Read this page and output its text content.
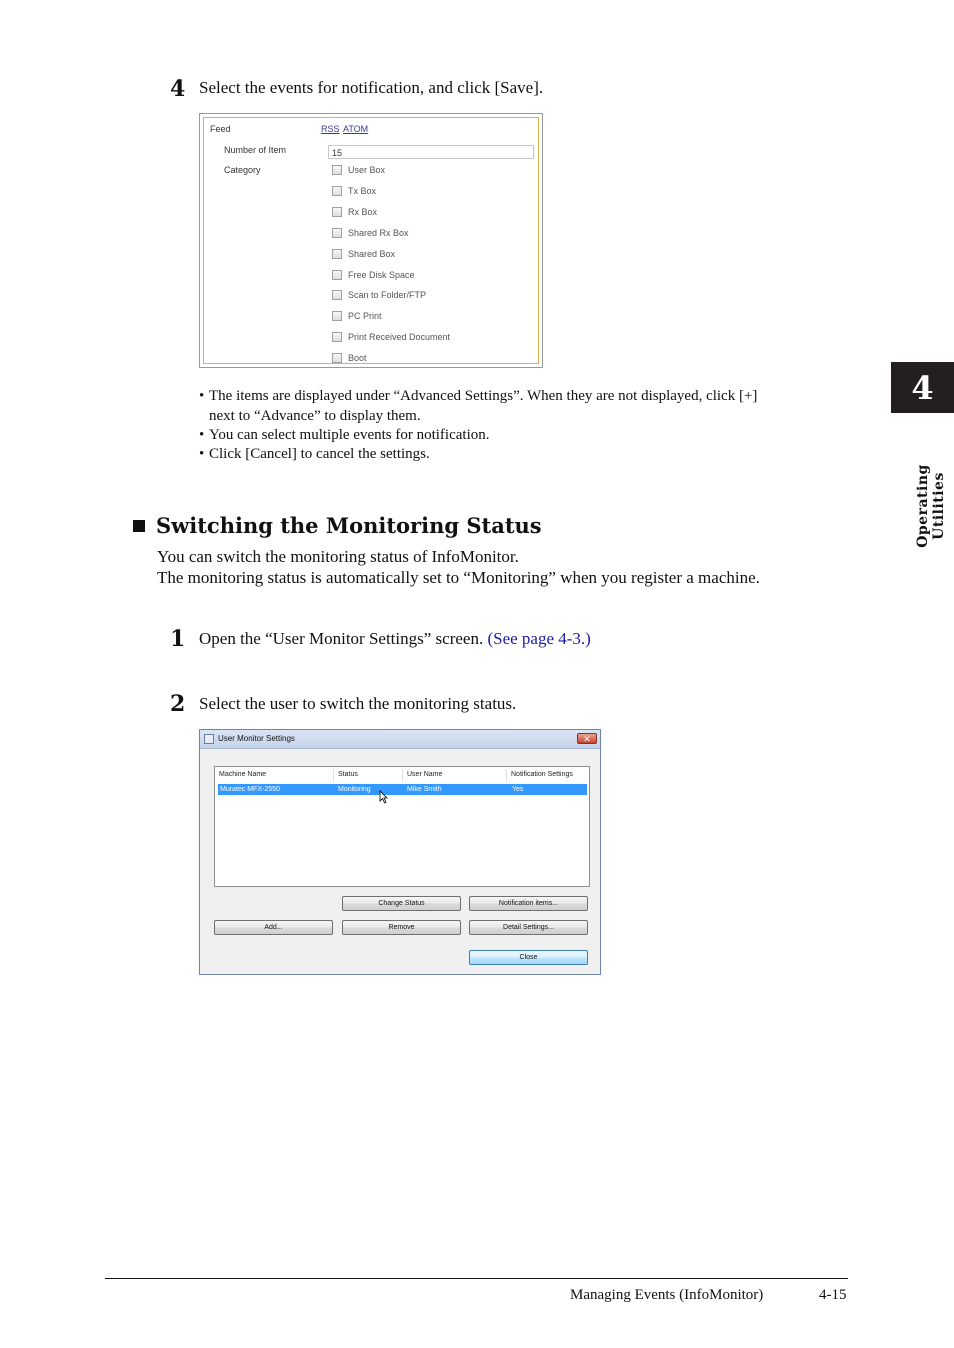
4 Select the events for notification, and click [Save].
Feed	RSS ATOM
Number of Item	15
Category	User Box
Tx Box
Rx Box
Shared Rx Box
Shared Box
Free Disk Space
Scan to Folder/FTP
PC Print
Print Received Document
Boot
• The items are displayed under “Advanced Settings”. When they are not displayed, click [+]
next to “Advance” to display them.
• You can select multiple events for notification.
• Click [Cancel] to cancel the settings.
4
Operating Utilities
Switching the Monitoring Status
You can switch the monitoring status of InfoMonitor.
The monitoring status is automatically set to “Monitoring” when you register a machine.
1 Open the “User Monitor Settings” screen. (See page 4-3.)
2 Select the user to switch the monitoring status.
User Monitor Settings	✕
Machine Name	Status	User Name	Notification Settings
Muratec MFX-2550	Monitoring	Mike Smith	Yes
Change Status	Notification items...
Add...	Remove	Detail Settings...
Close
Managing Events (InfoMonitor)	4-15
